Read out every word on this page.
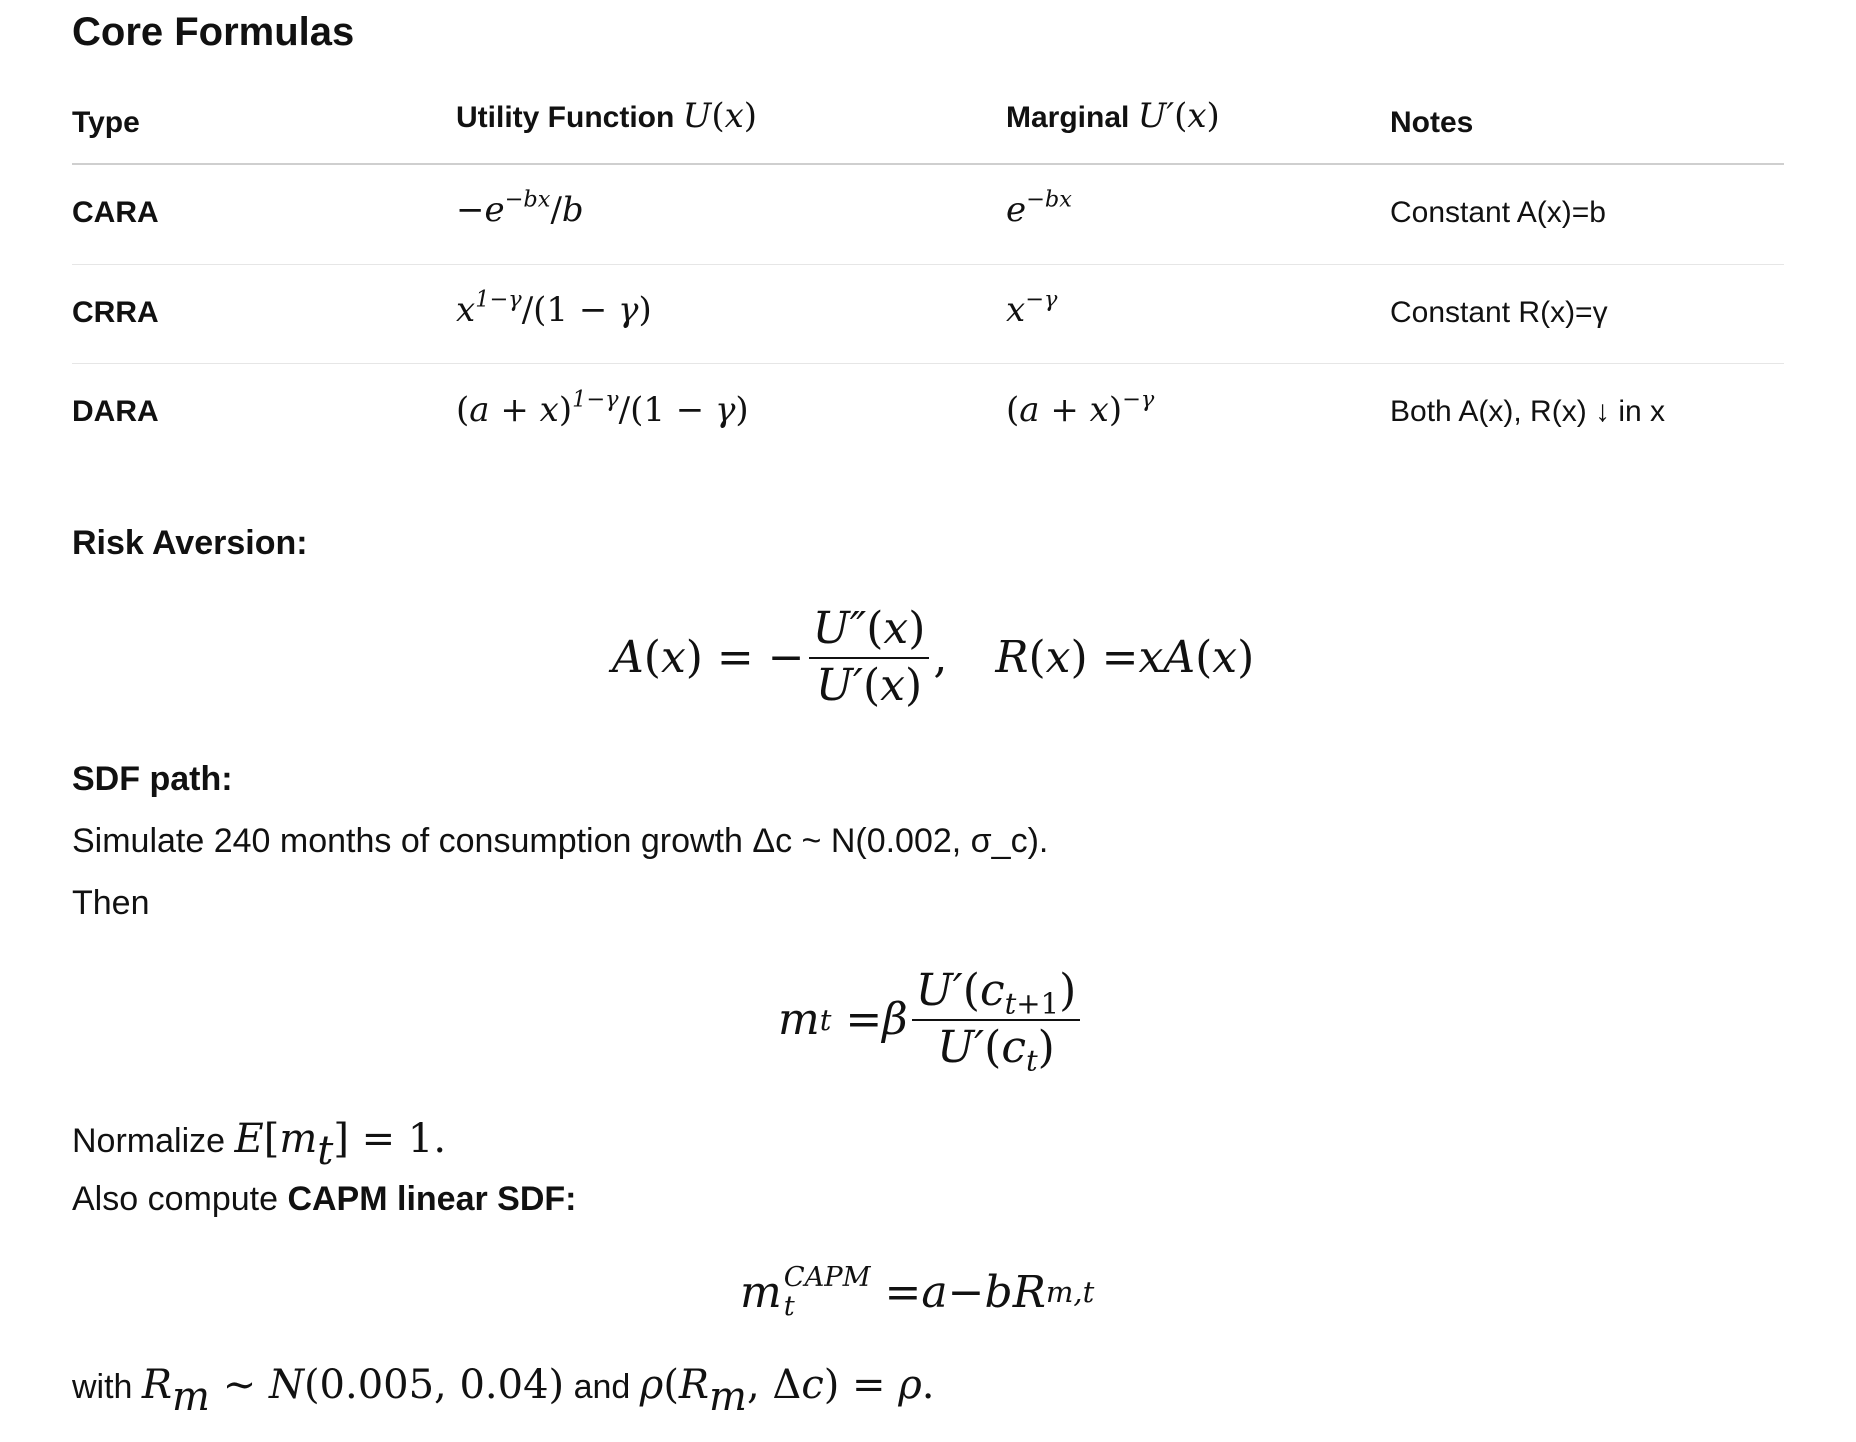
Core Formulas
Type	Utility Function U(x)	Marginal U′(x)	Notes
CARA	$-e^{-bx}/b$	$e^{-bx}$	Constant A(x)=b
CRRA	$x^{1-\gamma}/(1 - \gamma)$	$x^{-\gamma}$	Constant R(x)=γ
DARA	$(a + x)^{1-\gamma}/(1 - \gamma)$	$(a + x)^{-\gamma}$	Both A(x), R(x) ↓ in x
Risk Aversion:
A ( x ) = − $\frac{U''(x)}{U'(x)}$ , R ( x ) = xA ( x )
SDF path:
Simulate 240 months of consumption growth Δc ~ N(0.002, σ_c).
Then
m t = β $\frac{U'(c_{t+1})}{U'(c_t)}$
Normalize $E[m_t] = 1$.
Also compute CAPM linear SDF:
m CAPM
t	= a − bR m,t
with $R_m$ ∼ N(0.005, 0.04) and $\rho(R_m$, Δc) = ρ.
